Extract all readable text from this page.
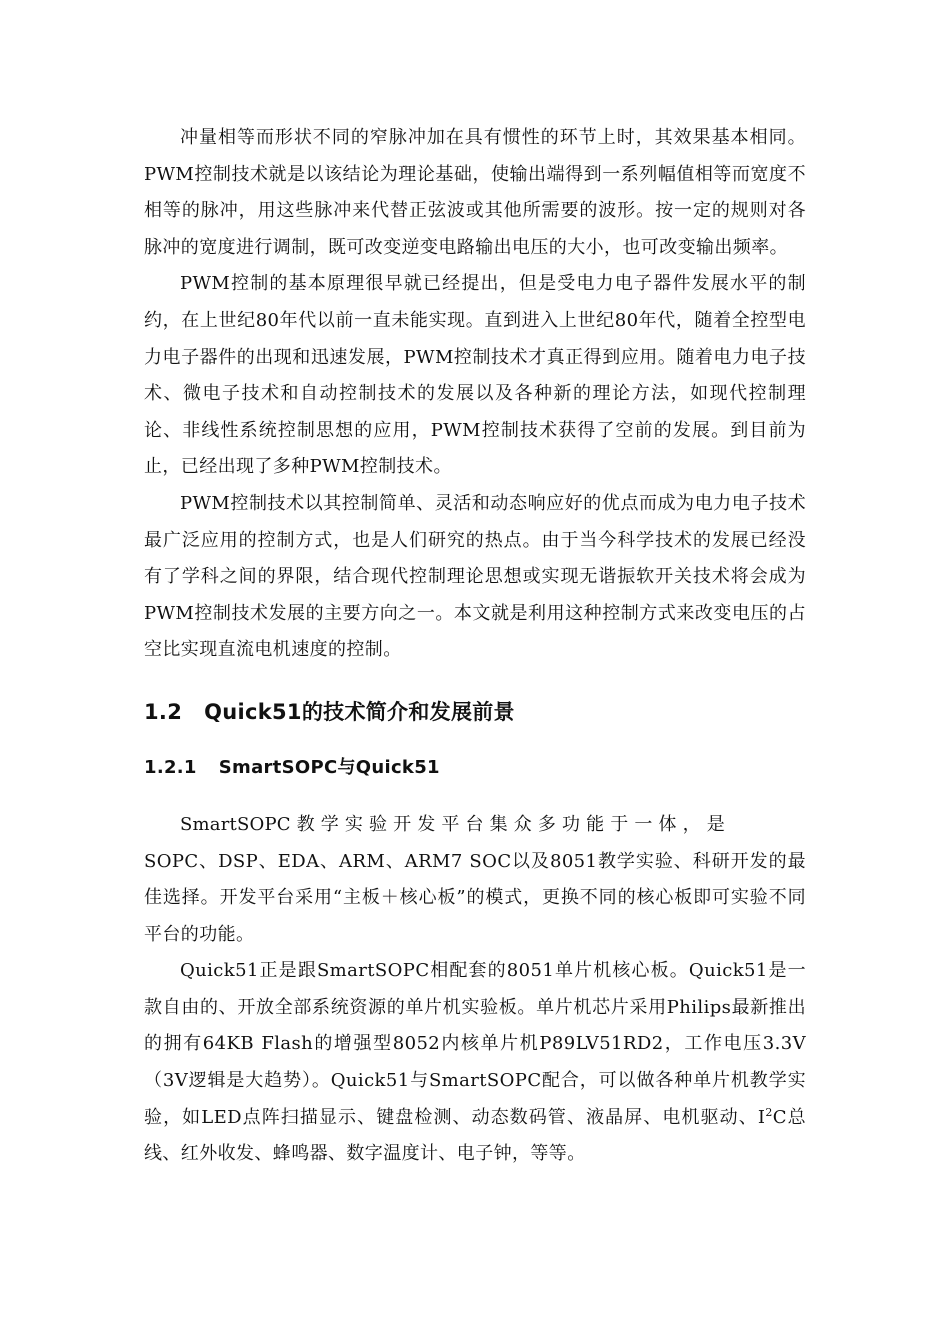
冲量相等而形状不同的窄脉冲加在具有惯性的环节上时，其效果基本相同。PWM控制技术就是以该结论为理论基础，使输出端得到一系列幅值相等而宽度不相等的脉冲，用这些脉冲来代替正弦波或其他所需要的波形。按一定的规则对各脉冲的宽度进行调制，既可改变逆变电路输出电压的大小，也可改变输出频率。

PWM控制的基本原理很早就已经提出，但是受电力电子器件发展水平的制约，在上世纪80年代以前一直未能实现。直到进入上世纪80年代，随着全控型电力电子器件的出现和迅速发展，PWM控制技术才真正得到应用。随着电力电子技术、微电子技术和自动控制技术的发展以及各种新的理论方法，如现代控制理论、非线性系统控制思想的应用，PWM控制技术获得了空前的发展。到目前为止，已经出现了多种PWM控制技术。

PWM控制技术以其控制简单、灵活和动态响应好的优点而成为电力电子技术最广泛应用的控制方式，也是人们研究的热点。由于当今科学技术的发展已经没有了学科之间的界限，结合现代控制理论思想或实现无谐振软开关技术将会成为PWM控制技术发展的主要方向之一。本文就是利用这种控制方式来改变电压的占空比实现直流电机速度的控制。

1.2 Quick51的技术简介和发展前景
1.2.1 SmartSOPC与Quick51

SmartSOPC 教 学 实 验 开 发 平 台 集 众 多 功 能 于 一 体 ， 是

SOPC、DSP、EDA、ARM、ARM7 SOC以及8051教学实验、科研开发的最佳选择。开发平台采用“主板＋核心板”的模式，更换不同的核心板即可实验不同平台的功能。

Quick51正是跟SmartSOPC相配套的8051单片机核心板。Quick51是一款自由的、开放全部系统资源的单片机实验板。单片机芯片采用Philips最新推出的拥有64KB Flash的增强型8052内核单片机P89LV51RD2，工作电压3.3V（3V逻辑是大趋势）。Quick51与SmartSOPC配合，可以做各种单片机教学实验，如LED点阵扫描显示、键盘检测、动态数码管、液晶屏、电机驱动、$I^2C$总线、红外收发、蜂鸣器、数字温度计、电子钟，等等。
